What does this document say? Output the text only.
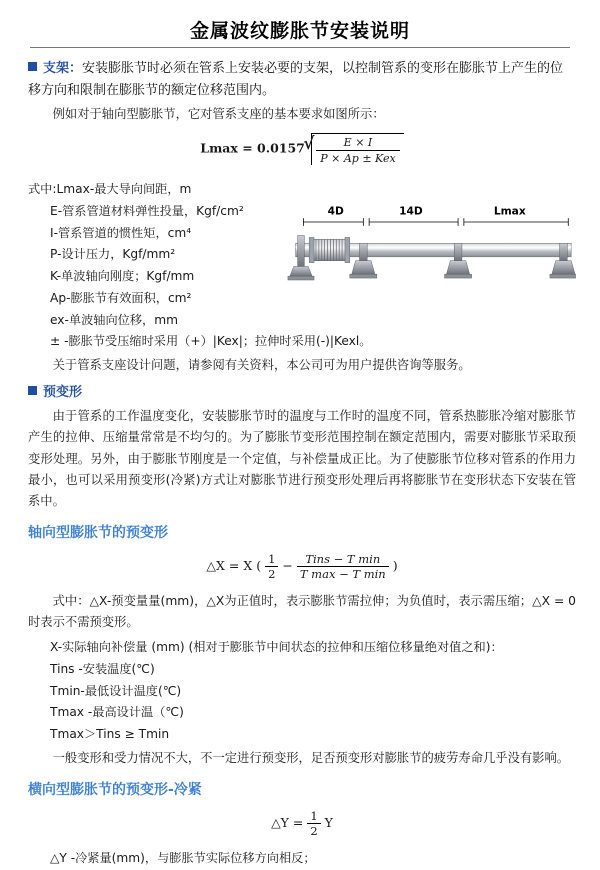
金属波纹膨胀节安装说明

支架：安装膨胀节时必须在管系上安装必要的支架，以控制管系的变形在膨胀节上产生的位移方向和限制在膨胀节的额定位移范围内。

例如对于轴向型膨胀节，它对管系支座的基本要求如图所示：

Lmax = 0.0157 √ $\frac{E \times I}{\text{P × Ap ± Kex}}$
式中:Lmax-最大导向间距，m
E-管系管道材料弹性投量，Kgf/cm²
I-管系管道的惯性矩，cm⁴
P-设计压力，Kgf/mm²
K-单波轴向刚度；Kgf/mm
Ap-膨胀节有效面积，cm²
ex-单波轴向位移，mm
± -膨胀节受压缩时采用（+）|Kex|；拉伸时采用(-)|Kexl。
4D	14D	Lmax

关于管系支座设计问题，请参阅有关资料，本公司可为用户提供咨询等服务。

预变形

由于管系的工作温度变化，安装膨胀节时的温度与工作时的温度不同，管系热膨胀冷缩对膨胀节产生的拉伸、压缩量常常是不均匀的。为了膨胀节变形范围控制在额定范围内，需要对膨胀节采取预变形处理。另外，由于膨胀节刚度是一个定值，与补偿量成正比。为了使膨胀节位移对管系的作用力最小，也可以采用预变形(冷紧)方式让对膨胀节进行预变形处理后再将膨胀节在变形状态下安装在管系中。

轴向型膨胀节的预变形
△X = X ( $\frac{1}{2} - \frac{\text{Tins − T min}}{\text{T max − T min}}$ )

式中：△X-预变量量(mm)，△X为正值时，表示膨胀节需拉伸；为负值时，表示需压缩；△X = 0时表示不需预变形。

X-实际轴向补偿量 (mm) (相对于膨胀节中间状态的拉伸和压缩位移量绝对值之和)：
Tins -安装温度(℃)
Tmin-最低设计温度(℃)
Tmax -最高设计温（℃)
Tmax＞Tins ≥ Tmin

一般变形和受力情况不大，不一定进行预变形，足否预变形对膨胀节的疲劳寿命几乎没有影响。

横向型膨胀节的预变形-冷紧
△Y = $\frac{1}{2}$ Y
△Y -冷紧量(mm)，与膨胀节实际位移方向相反；
